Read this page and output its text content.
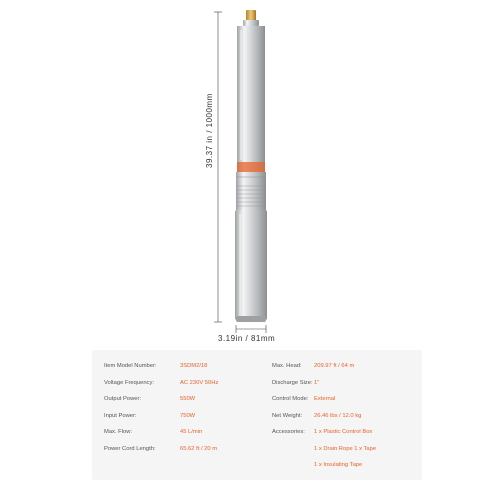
39.37 in / 1000mm
3.19in / 81mm
Item Model Number:	3SDM2/18
Voltage Frequency:	AC 230V 50Hz
Output Power:	550W
Input Power:	750W
Max. Flow:	45 L/min
Power Cord Length:	65.62 ft / 20 m
Max. Head: 209.97 ft / 64 m
Discharge Size:1"
Control Mode: External
Net Weight: 26.46 lbs / 12.0 kg
Accessories: 1 x Plastic Control Box
1 x Drain Rope 1 x Tape
1 x Insulating Tape
